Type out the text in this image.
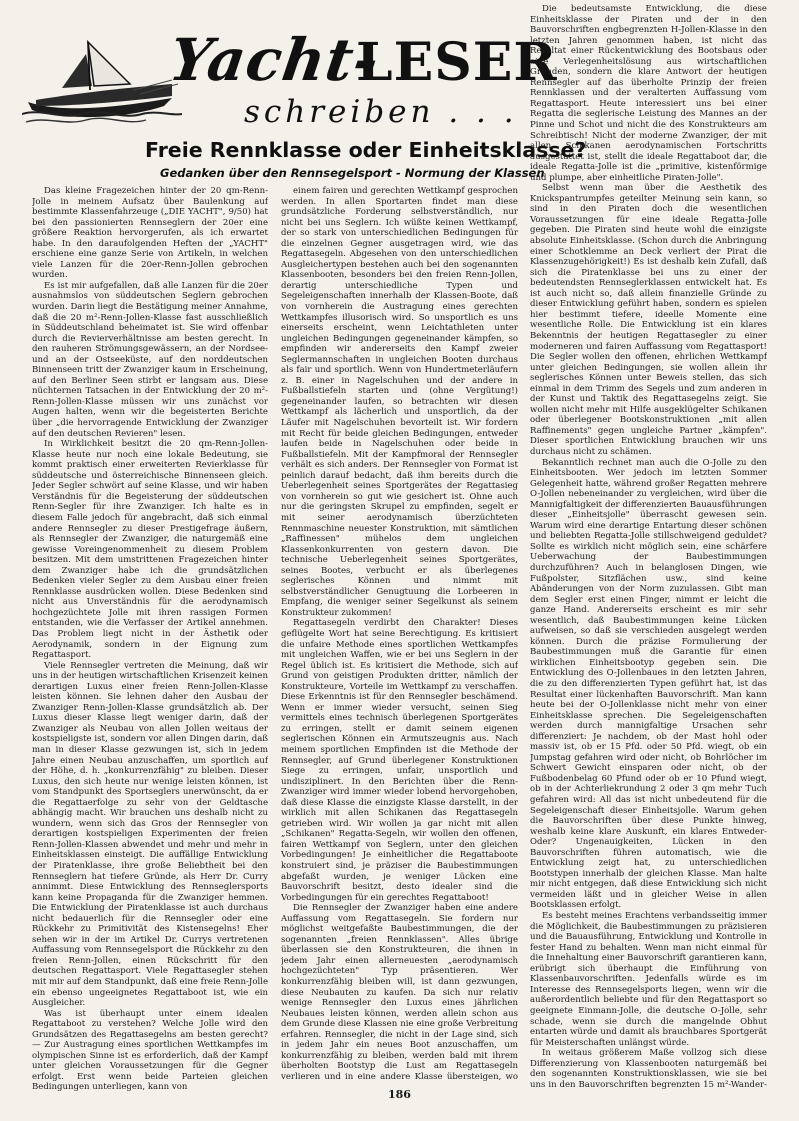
Yacht-
LESER
schreiben . . .
Freie Rennklasse oder Einheitsklasse?
Gedanken über den Rennsegelsport - Normung der Klassen

Das kleine Fragezeichen hinter der 20 qm-Renn-Jolle in meinem Aufsatz über Baulenkung auf bestimmte Klassenfahrzeuge („DIE YACHT", 9/50) hat bei den passionierten Rennseglern der 20er eine größere Reaktion hervorgerufen, als ich erwartet habe. In den daraufolgenden Heften der „YACHT" erschiene eine ganze Serie von Artikeln, in welchen viele Lanzen für die 20er-Renn-Jollen gebrochen wurden.

Es ist mir aufgefallen, daß alle Lanzen für die 20er ausnahmslos von süddeutschen Seglern gebrochen wurden. Darin liegt die Bestätigung meiner Annahme, daß die 20 m²-Renn-Jollen-Klasse fast ausschließlich in Süddeutschland beheimatet ist. Sie wird offenbar durch die Revierverhältnisse am besten gerecht. In den rauheren Strömungsgewässern, an der Nordsee- und an der Ostseeküste, auf den norddeutschen Binnenseen tritt der Zwanziger kaum in Erscheinung, auf den Berliner Seen stirbt er langsam aus. Diese nüchternen Tatsachen in der Entwicklung der 20 m²-Renn-Jollen-Klasse müssen wir uns zunächst vor Augen halten, wenn wir die begeisterten Berichte über „die hervorragende Entwicklung der Zwanziger auf den deutschen Revieren" lesen.

In Wirklichkeit besitzt die 20 qm-Renn-Jollen-Klasse heute nur noch eine lokale Bedeutung, sie kommt praktisch einer erweiterten Revierklasse für süddeutsche und österreichische Binnenseen gleich. Jeder Segler schwört auf seine Klasse, und wir haben Verständnis für die Begeisterung der süddeutschen Renn-Segler für ihre Zwanziger. Ich halte es in diesem Falle jedoch für angebracht, daß sich einmal andere Rennsegler zu dieser Prestigefrage äußern, als Rennsegler der Zwanziger, die naturgemäß eine gewisse Voreingenommenheit zu diesem Problem besitzen. Mit dem umstrittenen Fragezeichen hinter dem Zwanziger habe ich die grundsätzlichen Bedenken vieler Segler zu dem Ausbau einer freien Rennklasse ausdrücken wollen. Diese Bedenken sind nicht aus Unverständnis für die aerodynamisch hochgezüchtete Jolle mit ihren rassigen Formen entstanden, wie die Verfasser der Artikel annehmen. Das Problem liegt nicht in der Ästhetik oder Aerodynamik, sondern in der Eignung zum Regattasport.

Viele Rennsegler vertreten die Meinung, daß wir uns in der heutigen wirtschaftlichen Krisenzeit keinen derartigen Luxus einer freien Renn-Jollen-Klasse leisten können. Sie lehnen daher den Ausbau der Zwanziger Renn-Jollen-Klasse grundsätzlich ab. Der Luxus dieser Klasse liegt weniger darin, daß der Zwanziger als Neubau von allen Jollen weitaus der kostspieligste ist, sondern vor allen Dingen darin, daß man in dieser Klasse gezwungen ist, sich in jedem Jahre einen Neubau anzuschaffen, um sportlich auf der Höhe, d. h. „konkurrenzfähig" zu bleiben. Dieser Luxus, den sich heute nur wenige leisten können, ist vom Standpunkt des Sportseglers unerwünscht, da er die Regattaerfolge zu sehr von der Geldtasche abhängig macht. Wir brauchen uns deshalb nicht zu wundern, wenn sich das Gros der Rennsegler von derartigen kostspieligen Experimenten der freien Renn-Jollen-Klassen abwendet und mehr und mehr in Einheitsklassen einsteigt. Die auffällige Entwicklung der Piratenklasse, ihre große Beliebtheit bei den Rennseglern hat tiefere Gründe, als Herr Dr. Curry annimmt. Diese Entwicklung des Rennseglersports kann keine Propaganda für die Zwanziger hemmen. Die Entwicklung der Piratenklasse ist auch durchaus nicht bedauerlich für die Rennsegler oder eine Rückkehr zu Primitivität des Kistensegelns! Eher sehen wir in der im Artikel Dr. Currys vertretenen Auffassung vom Rennsegelsport die Rückkehr zu den freien Renn-Jollen, einen Rückschritt für den deutschen Regattasport. Viele Regattasegler stehen mit mir auf dem Standpunkt, daß eine freie Renn-Jolle ein ebenso ungeeignetes Regattaboot ist, wie ein Ausgleicher.

Was ist überhaupt unter einem idealen Regattaboot zu verstehen? Welche Jolle wird den Grundsätzen des Regattasegelns am besten gerecht? — Zur Austragung eines sportlichen Wettkampfes im olympischen Sinne ist es erforderlich, daß der Kampf unter gleichen Voraussetzungen für die Gegner erfolgt. Erst wenn beide Parteien gleichen Bedingungen unterliegen, kann von

einem fairen und gerechten Wettkampf gesprochen werden. In allen Sportarten findet man diese grundsätzliche Forderung selbstverständlich, nur nicht bei uns Seglern. Ich wüßte keinen Wettkampf, der so stark von unterschiedlichen Bedingungen für die einzelnen Gegner ausgetragen wird, wie das Regattasegeln. Abgesehen von den unterschiedlichen Ausgleichertypen bestehen auch bei den sogenannten Klassenbooten, besonders bei den freien Renn-Jollen, derartig unterschiedliche Typen und Segeleigenschaften innerhalb der Klassen-Boote, daß von vornherein die Austragung eines gerechten Wettkampfes illusorisch wird. So unsportlich es uns einerseits erscheint, wenn Leichtathleten unter ungleichen Bedingungen gegeneinander kämpfen, so empfinden wir andererseits den Kampf zweier Seglermannschaften in ungleichen Booten durchaus als fair und sportlich. Wenn von Hundertmeterläufern z. B. einer in Nagelschuhen und der andere in Fußballstiefeln starten und (ohne Vergütung!) gegeneinander laufen, so betrachten wir diesen Wettkampf als lächerlich und unsportlich, da der Läufer mit Nagelschuhen bevorteilt ist. Wir fordern mit Recht für beide gleichen Bedingungen, entweder laufen beide in Nagelschuhen oder beide in Fußballstiefeln. Mit der Kampfmoral der Rennsegler verhält es sich anders. Der Rennsegler von Format ist peinlich darauf bedacht, daß ihm bereits durch die Ueberlegenheit seines Sportgerätes der Regattasieg von vornherein so gut wie gesichert ist. Ohne auch nur die geringsten Skrupel zu empfinden, segelt er mit seiner aerodynamisch überzüchteten Rennmaschine neuester Konstruktion, mit sämtlichen „Raffinessen" mühelos dem ungleichen Klassenkonkurrenten von gestern davon. Die technische Ueberlegenheit seines Sportgerätes, seines Bootes, verbucht er als überlegenes seglerisches Können und nimmt mit selbstverständlicher Genugtuung die Lorbeeren in Empfang, die weniger seiner Segelkunst als seinem Konstrukteur zukommen!

Regattasegeln verdirbt den Charakter! Dieses geflügelte Wort hat seine Berechtigung. Es kritisiert die unfaire Methode eines sportlichen Wettkampfes mit ungleichen Waffen, wie er bei uns Seglern in der Regel üblich ist. Es kritisiert die Methode, sich auf Grund von geistigen Produkten dritter, nämlich der Konstrukteure, Vorteile im Wettkampf zu verschaffen. Diese Erkenntnis ist für den Rennsegler beschämend. Wenn er immer wieder versucht, seinen Sieg vermittels eines technisch überlegenen Sportgerätes zu erringen, stellt er damit seinem eigenen seglerischen Können ein Armutszeugnis aus. Nach meinem sportlichen Empfinden ist die Methode der Rennsegler, auf Grund überlegener Konstruktionen Siege zu erringen, unfair, unsportlich und undisziplinert. In den Berichten über die Renn-Zwanziger wird immer wieder lobend hervorgehoben, daß diese Klasse die einzigste Klasse darstellt, in der wirklich mit allen Schikanen das Regattasegeln getrieben wird. Wir wollen ja gar nicht mit allen „Schikanen" Regatta-Segeln, wir wollen den offenen, fairen Wettkampf von Seglern, unter den gleichen Vorbedingungen! Je einheitlicher die Regattaboote konstruiert sind, je präziser die Baubestimmungen abgefaßt wurden, je weniger Lücken eine Bauvorschrift besitzt, desto idealer sind die Vorbedingungen für ein gerechtes Regattaboot!

Die Rennsegler der Zwanziger haben eine andere Auffassung vom Regattasegeln. Sie fordern nur möglichst weitgefaßte Baubestimmungen, die der sogenannten „freien Rennklassen". Alles übrige überlassen sie den Konstrukteuren, die ihnen in jedem Jahr einen allerneuesten „aerodynamisch hochgezüchteten" Typ präsentieren. Wer konkurrenzfähig bleiben will, ist dann gezwungen, diese Neubauten zu kaufen. Da sich nur relativ wenige Rennsegler den Luxus eines jährlichen Neubaues leisten können, werden allein schon aus dem Grunde diese Klassen nie eine große Verbreitung erfahren. Rennsegler, die nicht in der Lage sind, sich in jedem Jahr ein neues Boot anzuschaffen, um konkurrenzfähig zu bleiben, werden bald mit ihrem überholten Bootstyp die Lust am Regattasegeln verlieren und in eine andere Klasse übersteigen, wo

Die bedeutsamste Entwicklung, die diese Einheitsklasse der Piraten und der in den Bauvorschriften engbegrenzten H-Jollen-Klasse in den letzten Jahren genommen haben, ist nicht das Resultat einer Rückentwicklung des Bootsbaus oder eine Verlegenheitslösung aus wirtschaftlichen Gründen, sondern die klare Antwort der heutigen Rennsegler auf das überholte Prinzip der freien Rennklassen und der veralterten Auffassung vom Regattasport. Heute interessiert uns bei einer Regatta die seglerische Leistung des Mannes an der Pinne und Schot und nicht die des Konstrukteurs am Schreibtisch! Nicht der moderne Zwanziger, der mit allen Schikanen aerodynamischen Fortschritts ausgestattet ist, stellt die ideale Regattaboot dar, die ideale Regatta-Jolle ist die „primitive, kistenförmige und plumpe, aber einheitliche Piraten-Jolle".

Selbst wenn man über die Aesthetik des Knickspantrumpfes geteilter Meinung sein kann, so sind in den Piraten doch die wesentlichen Voraussetzungen für eine ideale Regatta-Jolle gegeben. Die Piraten sind heute wohl die einzigste absolute Einheitsklasse. (Schon durch die Anbringung einer Schotklemme an Deck verliert der Pirat die Klassenzugehörigkeit!) Es ist deshalb kein Zufall, daß sich die Piratenklasse bei uns zu einer der bedeutendsten Rennseglerklassen entwickelt hat. Es ist auch nicht so, daß allein finanzielle Gründe zu dieser Entwicklung geführt haben, sondern es spielen hier bestimmt tiefere, ideelle Momente eine wesentliche Rolle. Die Entwicklung ist ein klares Bekenntnis der heutigen Regattasegler zu einer moderneren und fairen Auffassung vom Regattasport! Die Segler wollen den offenen, ehrlichen Wettkampf unter gleichen Bedingungen, sie wollen allein ihr seglerisches Können unter Beweis stellen, das sich einmal in dem Trimm des Segels und zum anderen in der Kunst und Taktik des Regattasegelns zeigt. Sie wollen nicht mehr mit Hilfe ausgeklügelter Schikanen oder überlegener Bootskonstruktionen „mit allen Raffinements" gegen ungleiche Partner „kämpfen". Dieser sportlichen Entwicklung brauchen wir uns durchaus nicht zu schämen.

Bekanntlich rechnet man auch die O-Jolle zu den Einheitsbooten. Wer jedoch im letzten Sommer Gelegenheit hatte, während großer Regatten mehrere O-Jollen nebeneinander zu vergleichen, wird über die Mannigfaltigkeit der differenzierten Bauausführungen dieser „Einheitsjolle" überrascht gewesen sein. Warum wird eine derartige Entartung dieser schönen und beliebten Regatta-Jolle stillschweigend geduldet? Sollte es wirklich nicht möglich sein, eine schärfere Ueberwachung der Baubestimmungen durchzuführen? Auch in belanglosen Dingen, wie Fußpolster, Sitzflächen usw., sind keine Abänderungen von der Norm zuzulassen. Gibt man dem Segler erst einen Finger, nimmt er leicht die ganze Hand. Andererseits erscheint es mir sehr wesentlich, daß Baubestimmungen keine Lücken aufweisen, so daß sie verschieden ausgelegt werden können. Durch die präzise Formulierung der Baubestimmungen muß die Garantie für einen wirklichen Einheitsbootyp gegeben sein. Die Entwicklung des O-Jollenbaues in den letzten Jahren, die zu den differenzierten Typen geführt hat, ist das Resultat einer lückenhaften Bauvorschrift. Man kann heute bei der O-Jollenklasse nicht mehr von einer Einheitsklasse sprechen. Die Segeleigenschaften werden durch mannigfaltige Ursachen sehr differenziert: Je nachdem, ob der Mast hohl oder massiv ist, ob er 15 Pfd. oder 50 Pfd. wiegt, ob ein Jumpstag gefahren wird oder nicht, ob Bohrlöcher im Schwert Gewicht einsparen oder nicht, ob der Fußbodenbelag 60 Pfund oder ob er 10 Pfund wiegt, ob in der Achterliekrundung 2 oder 3 qm mehr Tuch gefahren wird: All das ist nicht unbedeutend für die Segeleigenschaft dieser Einheitsjolle. Warum gehen die Bauvorschriften über diese Punkte hinweg, weshalb keine klare Auskunft, ein klares Entweder-Oder? Ungenauigkeiten, Lücken in den Bauvorschriften führen automatisch, wie die Entwicklung zeigt hat, zu unterschiedlichen Bootstypen innerhalb der gleichen Klasse. Man halte mir nicht entgegen, daß diese Entwicklung sich nicht vermeiden läßt und in gleicher Weise in allen Bootsklassen erfolgt.

Es besteht meines Erachtens verbandsseitig immer die Möglichkeit, die Baubestimmungen zu präzisieren und die Bauausführung, Entwicklung und Kontrolle in fester Hand zu behalten. Wenn man nicht einmal für die Innehaltung einer Bauvorschrift garantieren kann, erübrigt sich überhaupt die Einführung von Klassenbauvorschriften. Jedenfalls würde es im Interesse des Rennsegelsports liegen, wenn wir die außerordentlich beliebte und für den Regattasport so geeignete Einmann-Jolle, die deutsche O-Jolle, sehr schade, wenn sie durch die mangelnde Obhut entarten würde und damit als brauchbares Sportgerät für Meisterschaften unlängst würde.

In weitaus größerem Maße vollzog sich diese Differenzierung von Klassenbooten naturgemäß bei den sogenannten Konstruktionsklassen, wie sie bei uns in den Bauvorschriften begrenzten 15 m²-Wander-

186
